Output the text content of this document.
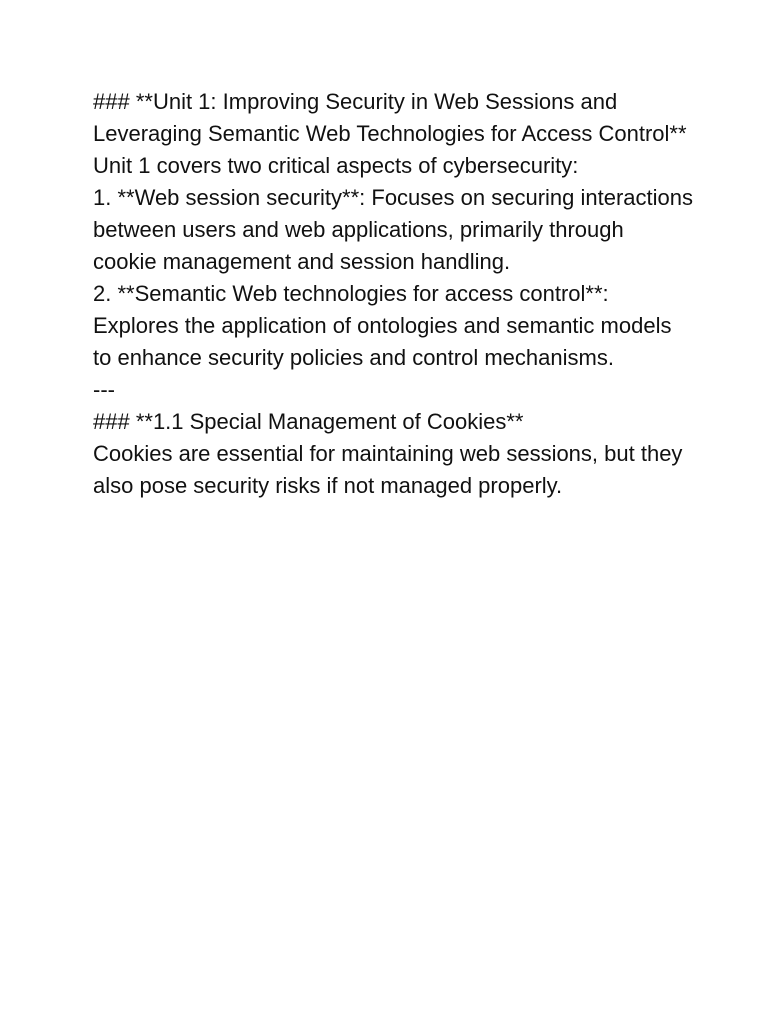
### **Unit 1: Improving Security in Web Sessions and Leveraging Semantic Web Technologies for Access Control**

Unit 1 covers two critical aspects of cybersecurity:

1. **Web session security**: Focuses on securing interactions between users and web applications, primarily through cookie management and session handling.

2. **Semantic Web technologies for access control**: Explores the application of ontologies and semantic models to enhance security policies and control mechanisms.

---

### **1.1 Special Management of Cookies**

Cookies are essential for maintaining web sessions, but they also pose security risks if not managed properly.
